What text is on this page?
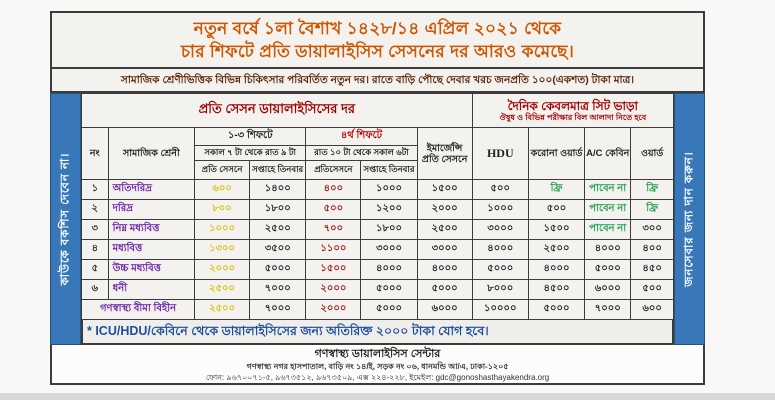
নতুন বর্ষে ১লা বৈশাখ ১৪২৮/১৪ এপ্রিল ২০২১ থেকে
চার শিফটে প্রতি ডায়ালাইসিস সেসনের দর আরও কমেছে।
সামাজিক শ্রেণীভিত্তিক বিভিন্ন চিকিৎসার পরিবর্তিত নতুন দর। রাতে বাড়ি পৌছে দেবার খরচ জনপ্রতি ১০০(একশত) টাকা মাত্র।
কাউকে বকশিস দেবেন না।
প্রতি সেসন ডায়ালাইসিসের দর							দৈনিক কেবলমাত্র সিট ভাড়া
ঔষুধ ও বিভিন্ন পরীক্ষার বিল আলাদা নিতে হবে			

নং	সামাজিক শ্রেনী	১-৩ শিফটে		৪র্থ শিফটে		ইমার্জেন্সি প্রতি সেসনে	HDU	করোনা ওয়ার্ড	A/C কেবিন	ওয়ার্ড
		সকাল ৭ টা থেকে রাত ৯ টা		রাত ১০ টা থেকে সকাল ৬টা						
		প্রতি সেসনে	সপ্তাহে তিনবার	প্রতিসেসনে	সপ্তাহে তিনবার					
১	অতিদরিদ্র	৬০০	১৪০০	৪০০	১০০০	১৫০০	৫০০	ফ্রি	পাবেন না	ফ্রি
২	দরিদ্র	৮০০	১৮০০	৫০০	১২০০	২০০০	১০০০	৫০০	পাবেন না	ফ্রি
৩	নিম্ন মধ্যবিত্ত	১০০০	২৫০০	৭০০	১৮০০	২৫০০	৩০০০	১৫০০	পাবেন না	৩০০
৪	মধ্যবিত্ত	১৩০০	৩৫০০	১১০০	৩০০০	৩০০০	৪০০০	২৫০০	৪০০০	৪০০
৫	উচ্চ মধ্যবিত্ত	২০০০	৫০০০	১৫০০	৪০০০	৪০০০	৫০০০	৪০০০	৫০০০	৪৫০
৬	ধনী	২৫০০	৭০০০	২০০০	৫০০০	৫০০০	৮০০০	৪৫০০	৬০০০	৫০০
গণস্বাস্থ্য বীমা বিহীন		২৫০০	৭০০০	২০০০	৫০০০	৬০০০	১০০০০	৫০০০	৭০০০	৬০০
* ICU/HDU/কেবিনে থেকে ডায়ালাইসিসের জন্য অতিরিক্ত ২০০০ টাকা যোগ হবে।
জনসেবার জন্য দান করুন।
গণস্বাস্থ্য ডায়ালাইসিস সেন্টার
গণস্বাস্থ্য নগর হাসপাতাল, বাড়ি নং ১৪/ই, সড়ক নং ০৬, ধানমন্ডি আ/এ, ঢাকা-১২০৫
ফোন: ৯৬৭০০৭১-৫, ৯৬৭৩৫১২, ৯৬৭৩৫০৯, এক্স ২২৪-২২৮, ইমেইল: gdc@gonoshasthayakendra.org
